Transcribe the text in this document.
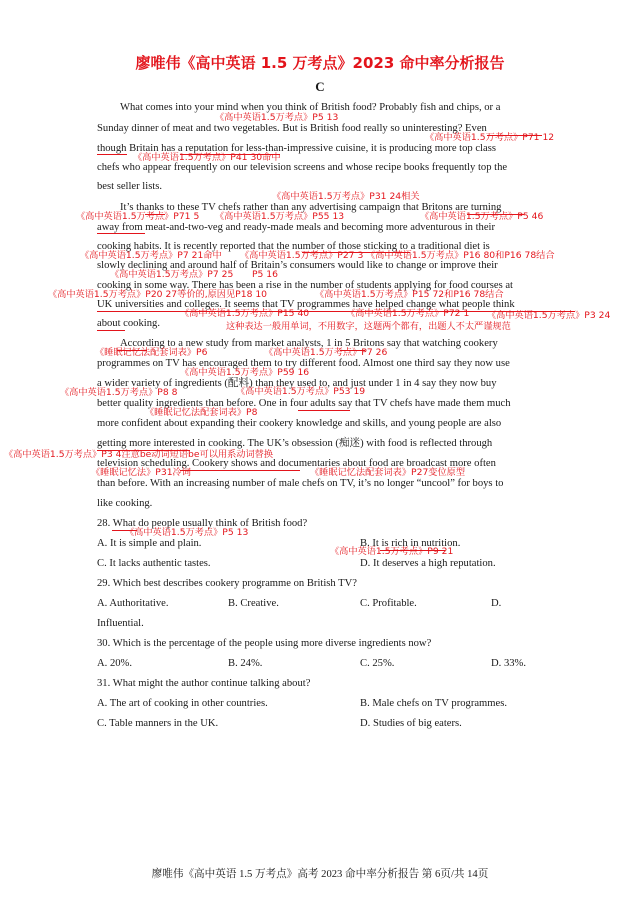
廖唯伟《高中英语 1.5 万考点》2023 命中率分析报告
C
What comes into your mind when you think of British food? Probably fish and chips, or a
Sunday dinner of meat and two vegetables. But is British food really so uninteresting? Even
though Britain has a reputation for less-than-impressive cuisine, it is producing more top class
chefs who appear frequently on our television screens and whose recipe books frequently top the
best seller lists.
It’s thanks to these TV chefs rather than any advertising campaign that Britons are turning
away from meat-and-two-veg and ready-made meals and becoming more adventurous in their
cooking habits. It is recently reported that the number of those sticking to a traditional diet is
slowly declining and around half of Britain’s consumers would like to change or improve their
cooking in some way. There has been a rise in the number of students applying for food courses at
UK universities and colleges. It seems that TV programmes have helped change what people think
about cooking.
According to a new study from market analysts, 1 in 5 Britons say that watching cookery
programmes on TV has encouraged them to try different food. Almost one third say they now use
a wider variety of ingredients (配料) than they used to, and just under 1 in 4 say they now buy
better quality ingredients than before. One in four adults say that TV chefs have made them much
more confident about expanding their cookery knowledge and skills, and young people are also
getting more interested in cooking. The UK’s obsession (痴迷) with food is reflected through
television scheduling. Cookery shows and documentaries about food are broadcast more often
than before. With an increasing number of male chefs on TV, it’s no longer “uncool” for boys to
like cooking.
28. What do people usually think of British food?
A. It is simple and plain.	B. It is rich in nutrition.
C. It lacks authentic tastes.	D. It deserves a high reputation.
29. Which best describes cookery programme on British TV?
A. Authoritative.	B. Creative.	C. Profitable.	D.
Influential.
30. Which is the percentage of the people using more diverse ingredients now?
A. 20%.	B. 24%.	C. 25%.	D. 33%.
31. What might the author continue talking about?
A. The art of cooking in other countries.	B. Male chefs on TV programmes.
C. Table manners in the UK.	D. Studies of big eaters.
《高中英语1.5万考点》P5 13
《高中英语1.5万考点》P71 12
《高中英语1.5万考点》P41 30命中
《高中英语1.5万考点》P31 24相关
《高中英语1.5万考点》P71 5 《高中英语1.5万考点》P55 13	《高中英语1.5万考点》P5 46
《高中英语1.5万考点》P7 21命中 《高中英语1.5万考点》P27 3 《高中英语1.5万考点》P16 80和P16 78结合
《高中英语1.5万考点》P7 25 P5 16
《高中英语1.5万考点》P20 27等价的,原因见P18 10	《高中英语1.5万考点》P15 72和P16 78结合
《高中英语1.5万考点》P15 40	《高中英语1.5万考点》P72 1 《高中英语1.5万考点》P3 24
这种表达一般用单词，不用数字，这题两个都有，出题人不太严谨规范
《睡眠记忆法配套词表》P6	《高中英语1.5万考点》P7 26
《高中英语1.5万考点》P59 16
《高中英语1.5万考点》P8 8	《高中英语1.5万考点》P53 19
《睡眠记忆法配套词表》P8
《高中英语1.5万考点》P3 4注意be动词短语be可以用系动词替换
《睡眠记忆法》P31冷词	《睡眠记忆法配套词表》P27变位原型
《高中英语1.5万考点》P5 13
《高中英语1.5万考点》P9 21
廖唯伟《高中英语 1.5 万考点》高考 2023 命中率分析报告 第 6页/共 14页
